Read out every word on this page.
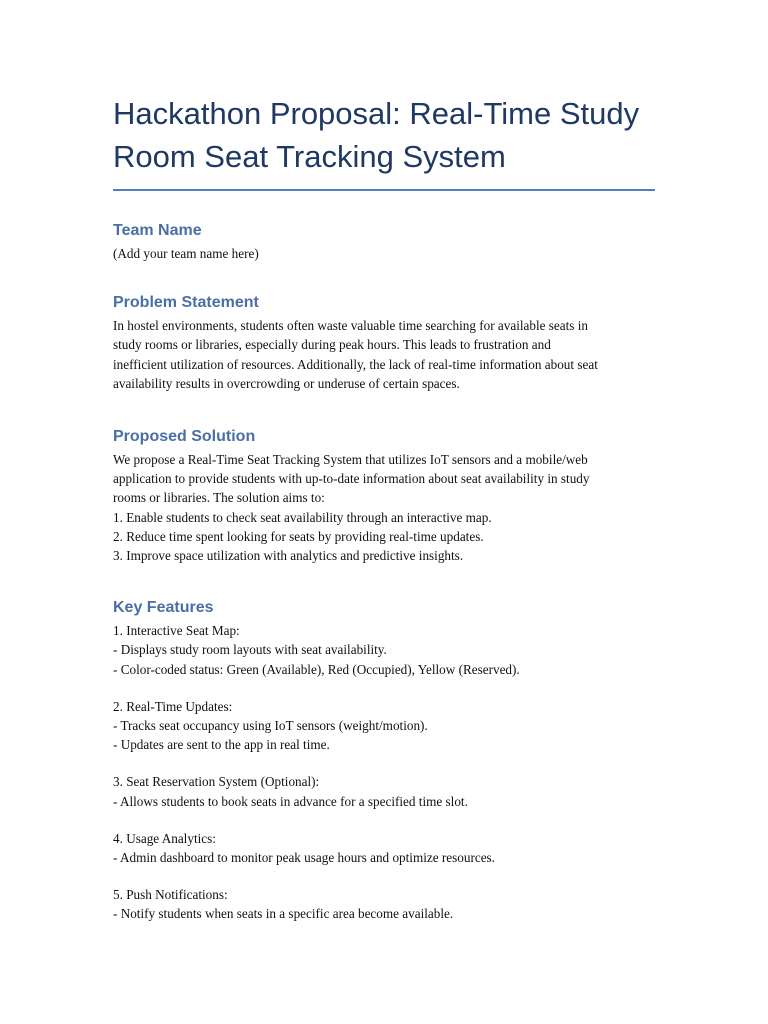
Hackathon Proposal: Real-Time Study
Room Seat Tracking System
Team Name

(Add your team name here)

Problem Statement

In hostel environments, students often waste valuable time searching for available seats in
study rooms or libraries, especially during peak hours. This leads to frustration and
inefficient utilization of resources. Additionally, the lack of real-time information about seat
availability results in overcrowding or underuse of certain spaces.

Proposed Solution

We propose a Real-Time Seat Tracking System that utilizes IoT sensors and a mobile/web
application to provide students with up-to-date information about seat availability in study
rooms or libraries. The solution aims to:
1. Enable students to check seat availability through an interactive map.
2. Reduce time spent looking for seats by providing real-time updates.
3. Improve space utilization with analytics and predictive insights.

Key Features

1. Interactive Seat Map:
- Displays study room layouts with seat availability.
- Color-coded status: Green (Available), Red (Occupied), Yellow (Reserved).

2. Real-Time Updates:
- Tracks seat occupancy using IoT sensors (weight/motion).
- Updates are sent to the app in real time.

3. Seat Reservation System (Optional):
- Allows students to book seats in advance for a specified time slot.

4. Usage Analytics:
- Admin dashboard to monitor peak usage hours and optimize resources.

5. Push Notifications:
- Notify students when seats in a specific area become available.
